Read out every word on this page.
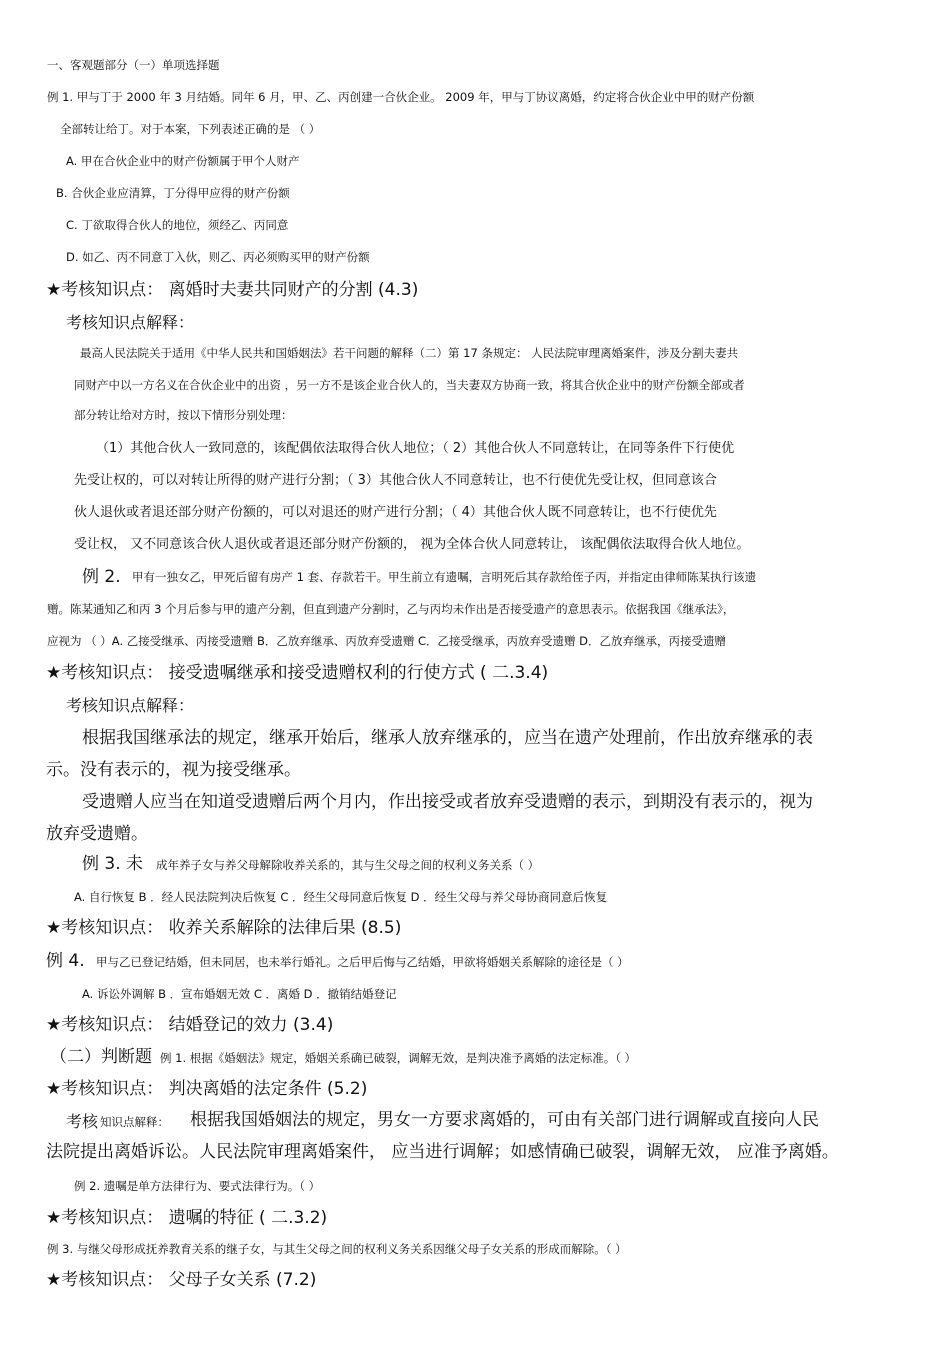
一、客观题部分（一）单项选择题
例 1. 甲与丁于 2000 年 3 月结婚。同年 6 月，甲、乙、丙创建一合伙企业。 2009 年，甲与丁协议离婚，约定将合伙企业中甲的财产份额
全部转让给丁。对于本案，下列表述正确的是 （ ）
A. 甲在合伙企业中的财产份额属于甲个人财产
B. 合伙企业应清算，丁分得甲应得的财产份额
C. 丁欲取得合伙人的地位，须经乙、丙同意
D. 如乙、丙不同意丁入伙，则乙、丙必须购买甲的财产份额
★考核知识点： 离婚时夫妻共同财产的分割 (4.3)
考核知识点解释：
最高人民法院关于适用《中华人民共和国婚姻法》若干问题的解释（二）第 17 条规定： 人民法院审理离婚案件，涉及分割夫妻共
同财产中以一方名义在合伙企业中的出资 ，另一方不是该企业合伙人的，当夫妻双方协商一致，将其合伙企业中的财产份额全部或者
部分转让给对方时，按以下情形分别处理：
（1）其他合伙人一致同意的，该配偶依法取得合伙人地位；（ 2）其他合伙人不同意转让，在同等条件下行使优
先受让权的，可以对转让所得的财产进行分割；（ 3）其他合伙人不同意转让，也不行使优先受让权，但同意该合
伙人退伙或者退还部分财产份额的，可以对退还的财产进行分割；（ 4）其他合伙人既不同意转让，也不行使优先
受让权， 又不同意该合伙人退伙或者退还部分财产份额的， 视为全体合伙人同意转让， 该配偶依法取得合伙人地位。
例 2. 甲有一独女乙，甲死后留有房产 1 套、存款若干。甲生前立有遗嘱，言明死后其存款给侄子丙，并指定由律师陈某执行该遗
赠。陈某通知乙和丙 3 个月后参与甲的遗产分割，但直到遗产分割时，乙与丙均未作出是否接受遗产的意思表示。依据我国《继承法》，
应视为 （ ）A. 乙接受继承、丙接受遗赠 B．乙放弃继承、丙放弃受遗赠 C．乙接受继承，丙放弃受遗赠 D．乙放弃继承，丙接受遗赠
★考核知识点： 接受遗嘱继承和接受遗赠权利的行使方式 ( 二.3.4)
考核知识点解释：
根据我国继承法的规定，继承开始后，继承人放弃继承的，应当在遗产处理前，作出放弃继承的表
示。没有表示的，视为接受继承。
受遗赠人应当在知道受遗赠后两个月内，作出接受或者放弃受遗赠的表示，到期没有表示的，视为
放弃受遗赠。
例 3. 未 成年养子女与养父母解除收养关系的，其与生父母之间的权利义务关系（ ）
A. 自行恢复 B ．经人民法院判决后恢复 C ．经生父母同意后恢复 D ．经生父母与养父母协商同意后恢复
★考核知识点： 收养关系解除的法律后果 (8.5)
例 4. 甲与乙已登记结婚，但未同居，也未举行婚礼。之后甲后悔与乙结婚，甲欲将婚姻关系解除的途径是（ ）
A. 诉讼外调解 B ．宣布婚姻无效 C ．离婚 D ．撤销结婚登记
★考核知识点： 结婚登记的效力 (3.4)
（二）判断题 例 1. 根据《婚姻法》规定，婚姻关系确已破裂，调解无效，是判决准予离婚的法定标准。（ ）
★考核知识点： 判决离婚的法定条件 (5.2)
考核 知识点解释： 根据我国婚姻法的规定，男女一方要求离婚的，可由有关部门进行调解或直接向人民
法院提出离婚诉讼。人民法院审理离婚案件， 应当进行调解；如感情确已破裂，调解无效， 应准予离婚。
例 2. 遗嘱是单方法律行为、要式法律行为。（ ）
★考核知识点： 遗嘱的特征 ( 二.3.2)
例 3. 与继父母形成抚养教育关系的继子女，与其生父母之间的权利义务关系因继父母子女关系的形成而解除。（ ）
★考核知识点： 父母子女关系 (7.2)
